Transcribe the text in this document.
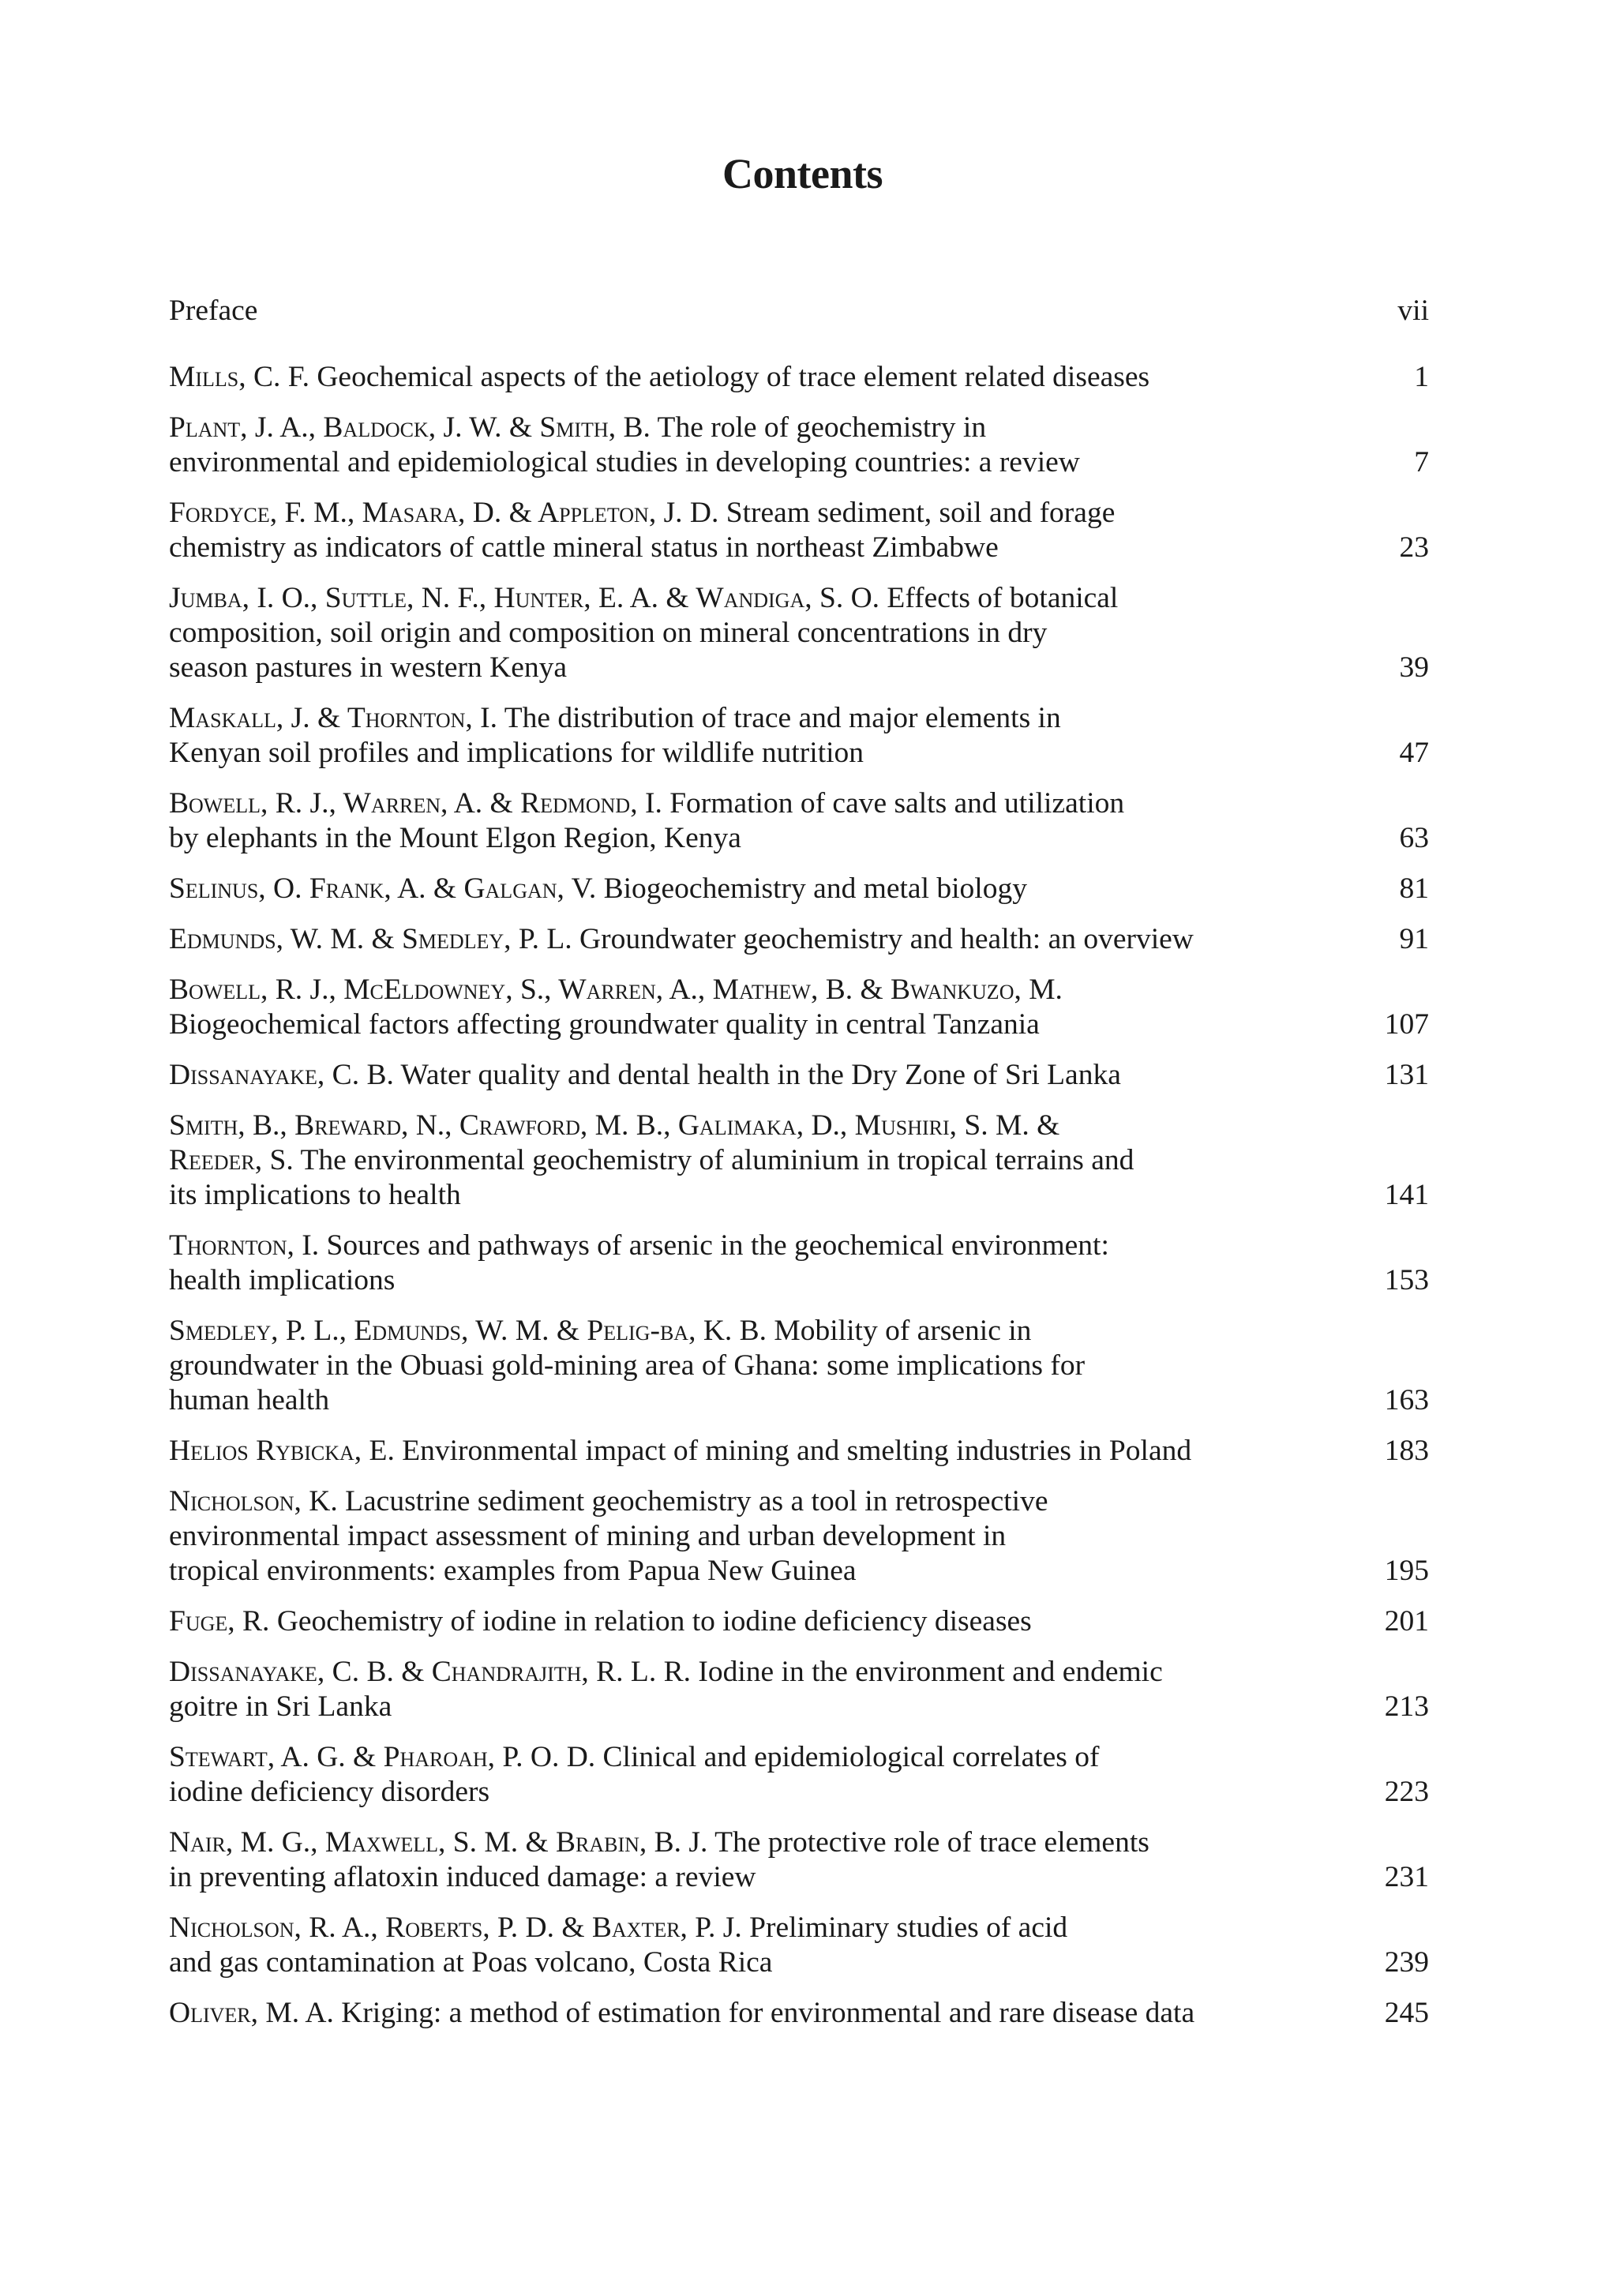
Contents
Preface	vii
Mills, C. F. Geochemical aspects of the aetiology of trace element related diseases	1
Plant, J. A., Baldock, J. W. & Smith, B. The role of geochemistry in
environmental and epidemiological studies in developing countries: a review	7
Fordyce, F. M., Masara, D. & Appleton, J. D. Stream sediment, soil and forage
chemistry as indicators of cattle mineral status in northeast Zimbabwe	23
Jumba, I. O., Suttle, N. F., Hunter, E. A. & Wandiga, S. O. Effects of botanical
composition, soil origin and composition on mineral concentrations in dry
season pastures in western Kenya	39
Maskall, J. & Thornton, I. The distribution of trace and major elements in
Kenyan soil profiles and implications for wildlife nutrition	47
Bowell, R. J., Warren, A. & Redmond, I. Formation of cave salts and utilization
by elephants in the Mount Elgon Region, Kenya	63
Selinus, O. Frank, A. & Galgan, V. Biogeochemistry and metal biology	81
Edmunds, W. M. & Smedley, P. L. Groundwater geochemistry and health: an overview	91
Bowell, R. J., McEldowney, S., Warren, A., Mathew, B. & Bwankuzo, M.
Biogeochemical factors affecting groundwater quality in central Tanzania	107
Dissanayake, C. B. Water quality and dental health in the Dry Zone of Sri Lanka	131
Smith, B., Breward, N., Crawford, M. B., Galimaka, D., Mushiri, S. M. &
Reeder, S. The environmental geochemistry of aluminium in tropical terrains and
its implications to health	141
Thornton, I. Sources and pathways of arsenic in the geochemical environment:
health implications	153
Smedley, P. L., Edmunds, W. M. & Pelig-ba, K. B. Mobility of arsenic in
groundwater in the Obuasi gold-mining area of Ghana: some implications for
human health	163
Helios Rybicka, E. Environmental impact of mining and smelting industries in Poland	183
Nicholson, K. Lacustrine sediment geochemistry as a tool in retrospective
environmental impact assessment of mining and urban development in
tropical environments: examples from Papua New Guinea	195
Fuge, R. Geochemistry of iodine in relation to iodine deficiency diseases	201
Dissanayake, C. B. & Chandrajith, R. L. R. Iodine in the environment and endemic
goitre in Sri Lanka	213
Stewart, A. G. & Pharoah, P. O. D. Clinical and epidemiological correlates of
iodine deficiency disorders	223
Nair, M. G., Maxwell, S. M. & Brabin, B. J. The protective role of trace elements
in preventing aflatoxin induced damage: a review	231
Nicholson, R. A., Roberts, P. D. & Baxter, P. J. Preliminary studies of acid
and gas contamination at Poas volcano, Costa Rica	239
Oliver, M. A. Kriging: a method of estimation for environmental and rare disease data	245
